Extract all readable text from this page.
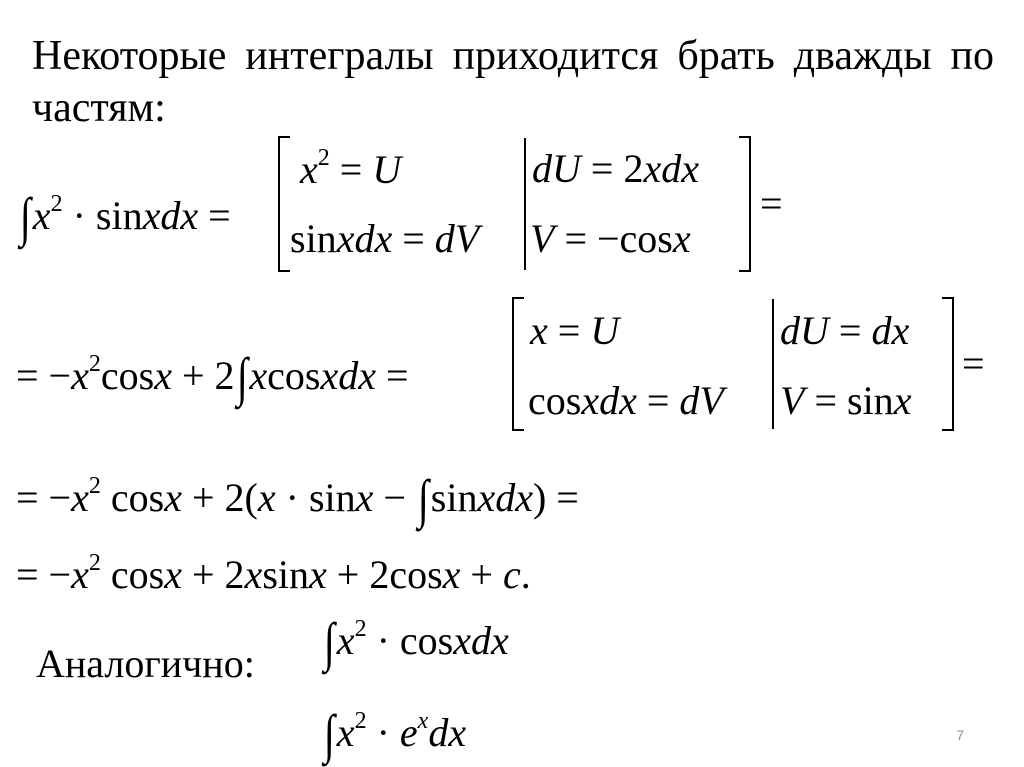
Некоторые интегралы приходится брать дважды по частям:
$\int x^2$ · sinxdx =
$x^2 = U$
sinxdx = dV
dU = 2xdx
V = −cosx
=
= $-x^2\cos x$ + 2∫xcosxdx =
x = U
cosxdx = dV
dU = dx
V = sinx
=
= $-x^2$ cosx + 2(x · sinx − ∫sinxdx) =
= $-x^2$ cosx + 2xsinx + 2cosx + c.
Аналогично: $\int x^2$ · cosxdx
$\int x^2 \cdot e^xdx$	7
